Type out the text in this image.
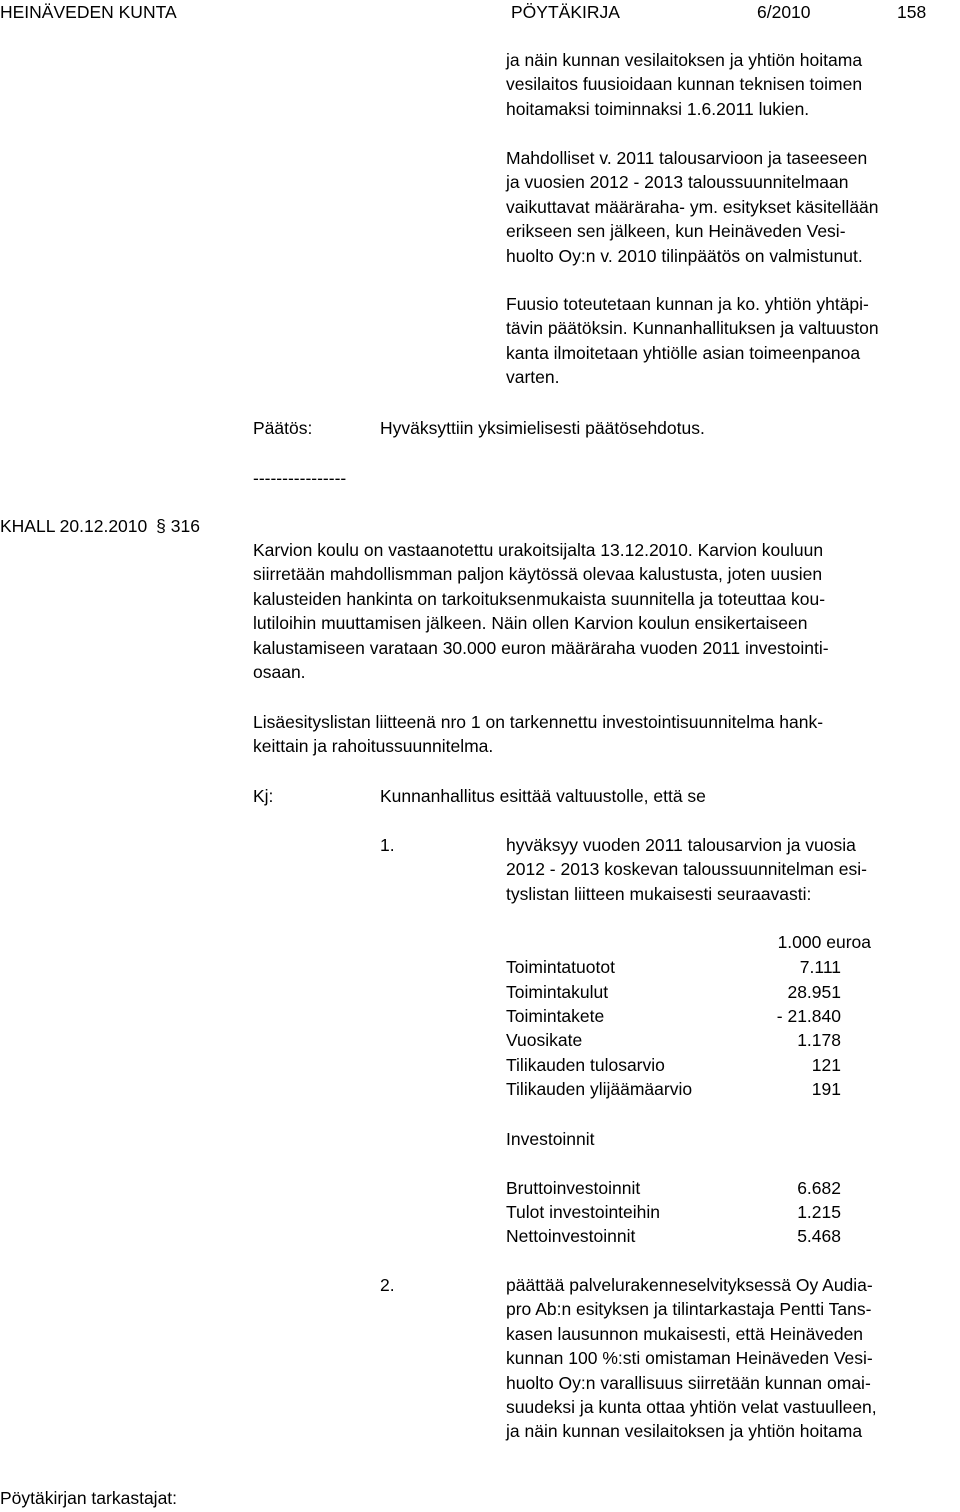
HEINÄVEDEN KUNTA	PÖYTÄKIRJA	6/2010	158
ja näin kunnan vesilaitoksen ja yhtiön hoitama
vesilaitos fuusioidaan kunnan teknisen toimen
hoitamaksi toiminnaksi 1.6.2011 lukien.
Mahdolliset v. 2011 talousarvioon ja taseeseen
ja vuosien 2012 - 2013 taloussuunnitelmaan
vaikuttavat määräraha- ym. esitykset käsitellään
erikseen sen jälkeen, kun Heinäveden Vesi-
huolto Oy:n v. 2010 tilinpäätös on valmistunut.
Fuusio toteutetaan kunnan ja ko. yhtiön yhtäpi-
tävin päätöksin. Kunnanhallituksen ja valtuuston
kanta ilmoitetaan yhtiölle asian toimeenpanoa
varten.
Päätös:	Hyväksyttiin yksimielisesti päätösehdotus.
----------------
KHALL 20.12.2010 § 316
Karvion koulu on vastaanotettu urakoitsijalta 13.12.2010. Karvion kouluun
siirretään mahdollismman paljon käytössä olevaa kalustusta, joten uusien
kalusteiden hankinta on tarkoituksenmukaista suunnitella ja toteuttaa kou-
lutiloihin muuttamisen jälkeen. Näin ollen Karvion koulun ensikertaiseen
kalustamiseen varataan 30.000 euron määräraha vuoden 2011 investointi-
osaan.
Lisäesityslistan liitteenä nro 1 on tarkennettu investointisuunnitelma hank-
keittain ja rahoitussuunnitelma.
Kj:	Kunnanhallitus esittää valtuustolle, että se
1.	hyväksyy vuoden 2011 talousarvion ja vuosia
2012 - 2013 koskevan taloussuunnitelman esi-
tyslistan liitteen mukaisesti seuraavasti:
1.000 euroa
Toimintatuotot	7.111
Toimintakulut	28.951
Toimintakete	- 21.840
Vuosikate	1.178
Tilikauden tulosarvio	121
Tilikauden ylijäämäarvio	191
Investoinnit
Bruttoinvestoinnit	6.682
Tulot investointeihin	1.215
Nettoinvestoinnit	5.468
2.	päättää palvelurakenneselvityksessä Oy Audia-
pro Ab:n esityksen ja tilintarkastaja Pentti Tans-
kasen lausunnon mukaisesti, että Heinäveden
kunnan 100 %:sti omistaman Heinäveden Vesi-
huolto Oy:n varallisuus siirretään kunnan omai-
suudeksi ja kunta ottaa yhtiön velat vastuulleen,
ja näin kunnan vesilaitoksen ja yhtiön hoitama
Pöytäkirjan tarkastajat:
